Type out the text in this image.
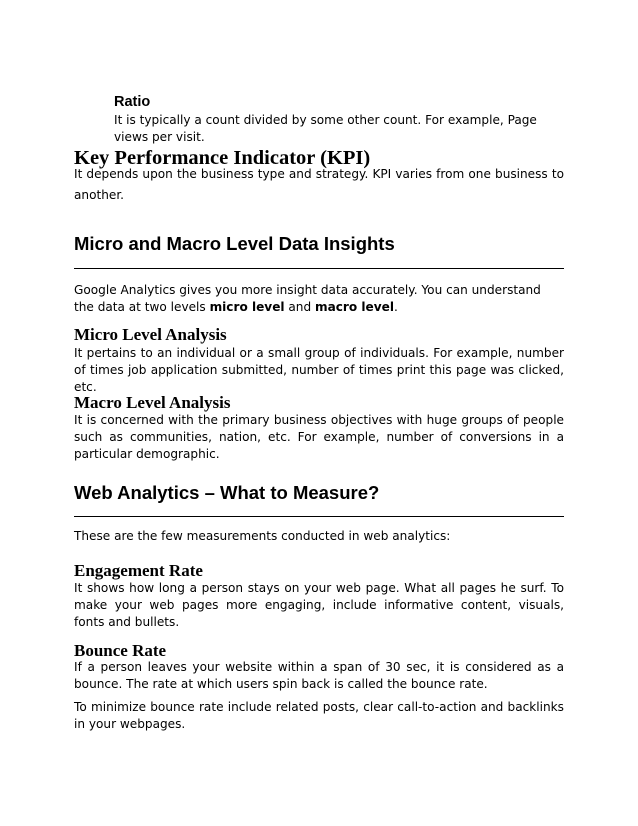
Ratio

It is typically a count divided by some other count. For example, Page views per visit.

Key Performance Indicator (KPI)
It depends upon the business type and strategy. KPI varies from one business to
another.
Micro and Macro Level Data Insights

Google Analytics gives you more insight data accurately. You can understand the data at two levels micro level and macro level.

Micro Level Analysis

It pertains to an individual or a small group of individuals. For example, number of times job application submitted, number of times print this page was clicked, etc.

Macro Level Analysis

It is concerned with the primary business objectives with huge groups of people such as communities, nation, etc. For example, number of conversions in a particular demographic.

Web Analytics – What to Measure?

These are the few measurements conducted in web analytics:

Engagement Rate

It shows how long a person stays on your web page. What all pages he surf. To make your web pages more engaging, include informative content, visuals, fonts and bullets.

Bounce Rate

If a person leaves your website within a span of 30 sec, it is considered as a bounce. The rate at which users spin back is called the bounce rate.

To minimize bounce rate include related posts, clear call-to-action and backlinks in your webpages.
